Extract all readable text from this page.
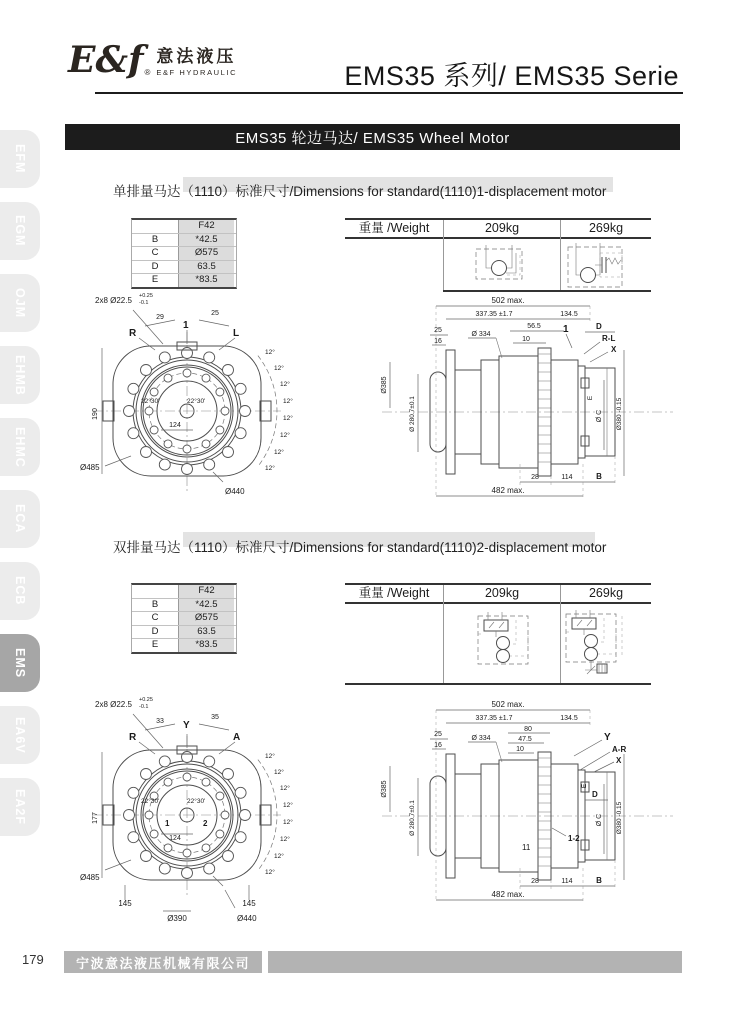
E&f ®
意法液压
E&F HYDRAULIC	EMS35 系列/ EMS35 Serie
EMS35 轮边马达/ EMS35 Wheel Motor
EFM
EGM
OJM
EHMB
EHMC
ECA
ECB
EMS
EA6V
EA2F
单排量马达（1110）标准尺寸/Dimensions for standard(1110)1-displacement motor
F42
B	*42.5
C	Ø575
D	63.5
E	*83.5
重量 /Weight	209kg	269kg
2x8 Ø22.5 +0.25
-0.1
R
1
L
29
25
190
22°30'	22°30'
124
12°
12°
12°
12°
12°
12°
12°
12°
Ø485
Ø440
502 max.
337.35 ±1.7	134.5
56.5
10
25
16
Ø 334	1
R-L
X
D
E
Ø C
Ø385
Ø 280.7±0.1	Ø380 -0.15
28	114	B
482 max.
双排量马达（1110）标准尺寸/Dimensions for standard(1110)2-displacement motor
F42
B	*42.5
C	Ø575
D	63.5
E	*83.5
重量 /Weight	209kg	269kg
2x8 Ø22.5 +0.25
-0.1
Y
R	A
33
35
177
22°30'	22°30'
1	2
124
12°
12°
12°
12°
12°
12°
12°
12°
Ø485
145	145
Ø390	Ø440
502 max.
337.35 ±1.7	134.5
80
47.5
10
25
16
Ø 334	Y
A-R
X
D
E
Ø C
Ø385
Ø 280.7±0.1	Ø380 -0.15
1-2
11
28	114	B
482 max.
179	宁波意法液压机械有限公司
